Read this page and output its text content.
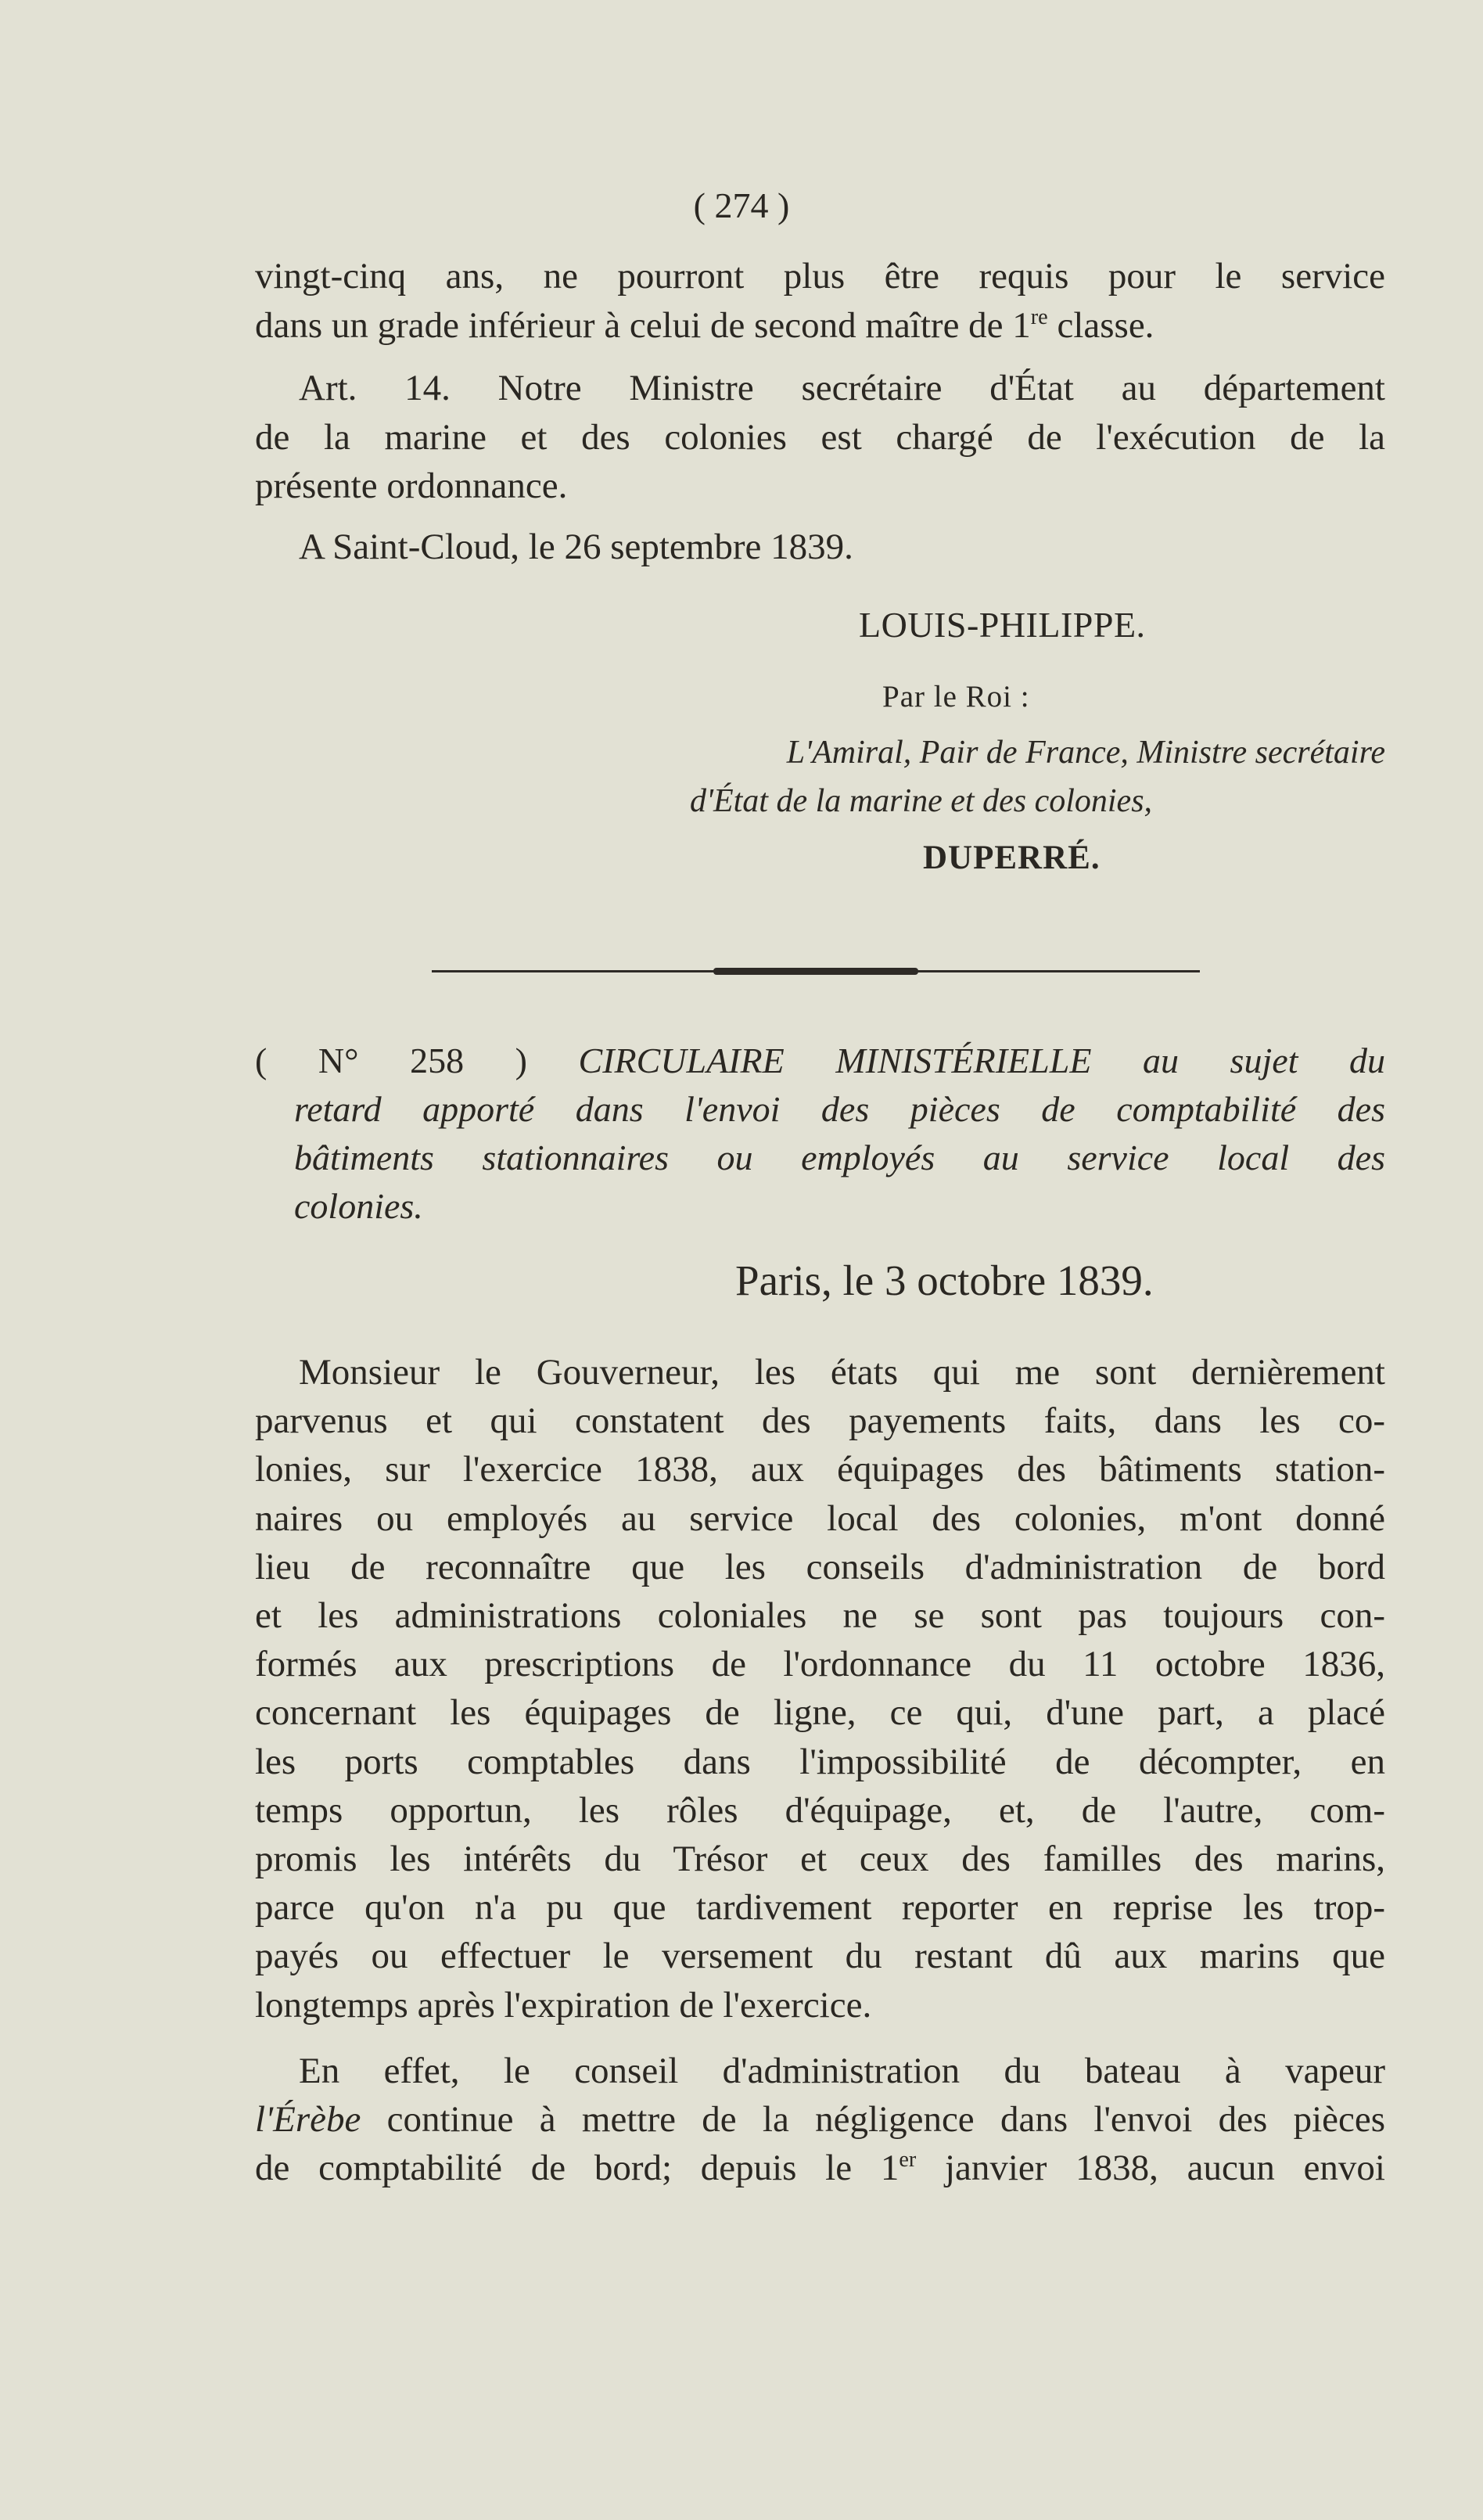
( 274 )
vingt-cinq ans, ne pourront plus être requis pour le service
dans un grade inférieur à celui de second maître de 1re classe.
Art. 14. Notre Ministre secrétaire d'État au département
de la marine et des colonies est chargé de l'exécution de la
présente ordonnance.
A Saint-Cloud, le 26 septembre 1839.
LOUIS-PHILIPPE.
Par le Roi :
L'Amiral, Pair de France, Ministre secrétaire
d'État de la marine et des colonies,
DUPERRÉ.
( N° 258 ) CIRCULAIRE MINISTÉRIELLE au sujet du
retard apporté dans l'envoi des pièces de comptabilité des
bâtiments stationnaires ou employés au service local des
colonies.
Paris, le 3 octobre 1839.
Monsieur le Gouverneur, les états qui me sont dernièrement
parvenus et qui constatent des payements faits, dans les co-
lonies, sur l'exercice 1838, aux équipages des bâtiments station-
naires ou employés au service local des colonies, m'ont donné
lieu de reconnaître que les conseils d'administration de bord
et les administrations coloniales ne se sont pas toujours con-
formés aux prescriptions de l'ordonnance du 11 octobre 1836,
concernant les équipages de ligne, ce qui, d'une part, a placé
les ports comptables dans l'impossibilité de décompter, en
temps opportun, les rôles d'équipage, et, de l'autre, com-
promis les intérêts du Trésor et ceux des familles des marins,
parce qu'on n'a pu que tardivement reporter en reprise les trop-
payés ou effectuer le versement du restant dû aux marins que
longtemps après l'expiration de l'exercice.
En effet, le conseil d'administration du bateau à vapeur
l'Érèbe continue à mettre de la négligence dans l'envoi des pièces
de comptabilité de bord; depuis le 1er janvier 1838, aucun envoi
